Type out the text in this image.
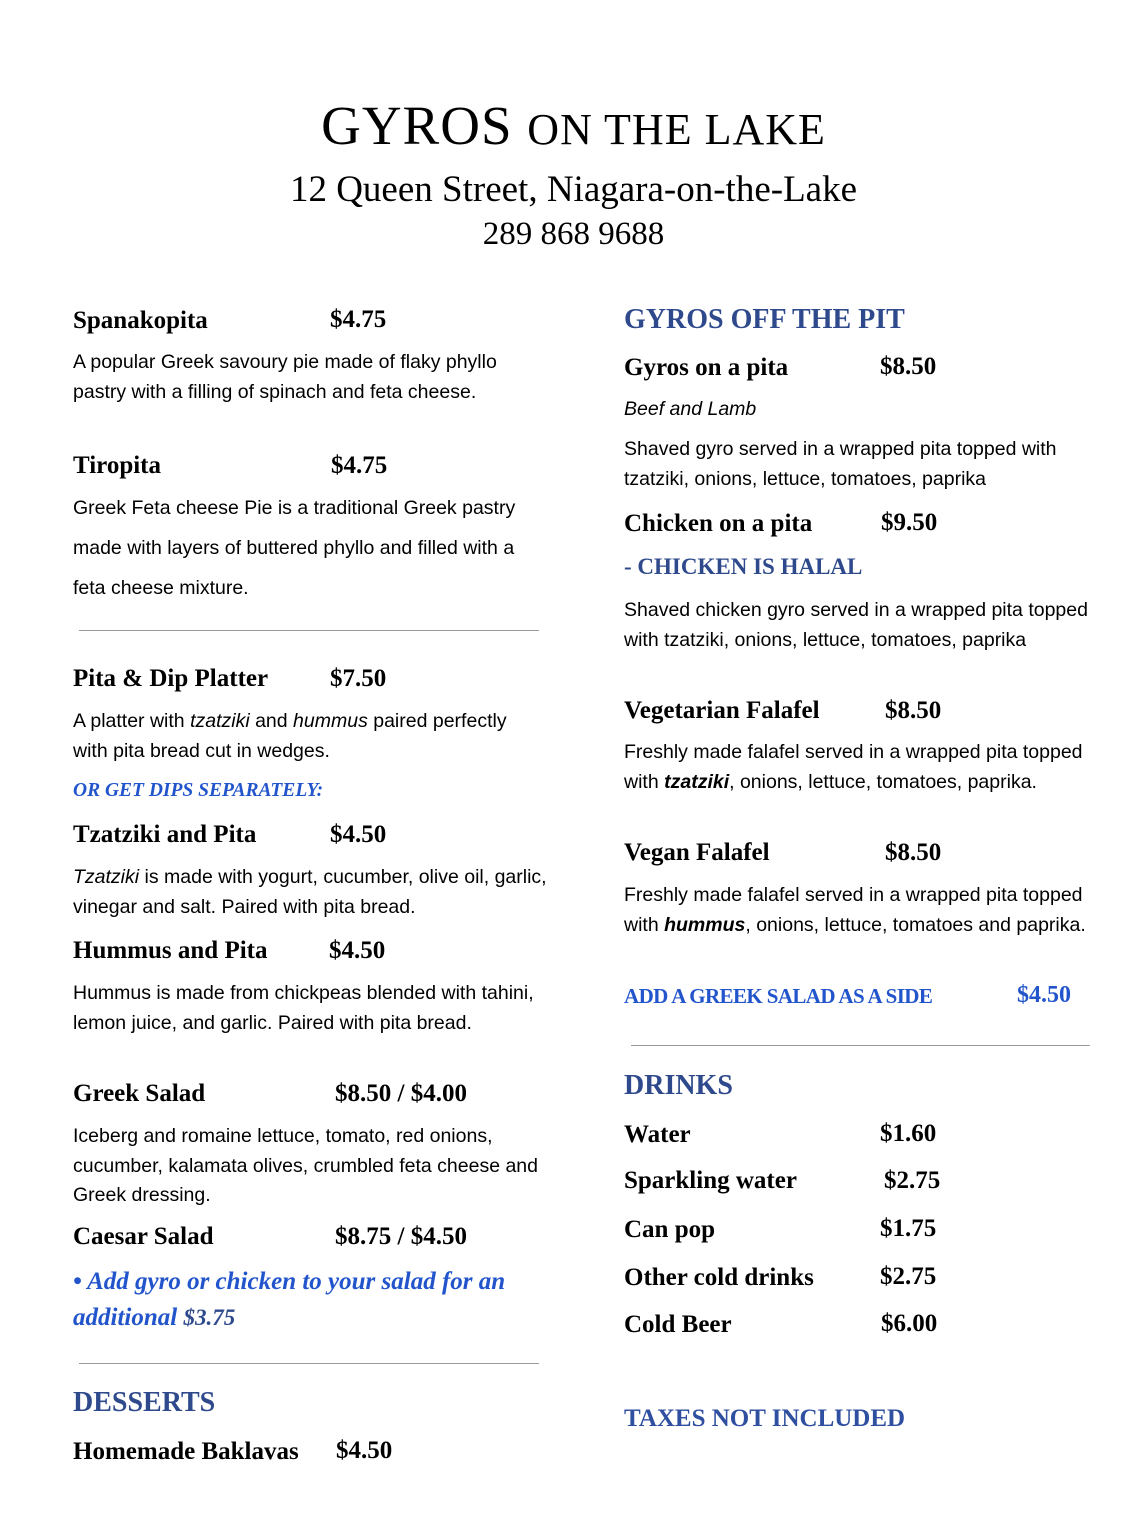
GYROS ON THE LAKE
12 Queen Street, Niagara-on-the-Lake
289 868 9688
Spanakopita	$4.75
A popular Greek savoury pie made of flaky phyllo pastry with a filling of spinach and feta cheese.
Tiropita	$4.75
Greek Feta cheese Pie is a traditional Greek pastry made with layers of buttered phyllo and filled with a feta cheese mixture.
Pita & Dip Platter $7.50
A platter with tzatziki and hummus paired perfectly with pita bread cut in wedges.
OR GET DIPS SEPARATELY:
Tzatziki and Pita	$4.50
Tzatziki is made with yogurt, cucumber, olive oil, garlic, vinegar and salt. Paired with pita bread.
Hummus and Pita $4.50
Hummus is made from chickpeas blended with tahini, lemon juice, and garlic. Paired with pita bread.
Greek Salad	$8.50 / $4.00
Iceberg and romaine lettuce, tomato, red onions, cucumber, kalamata olives, crumbled feta cheese and Greek dressing.
Caesar Salad	$8.75 / $4.50
• Add gyro or chicken to your salad for an additional $3.75
DESSERTS
Homemade Baklavas $4.50
GYROS OFF THE PIT
Gyros on a pita	$8.50
Beef and Lamb
Shaved gyro served in a wrapped pita topped with tzatziki, onions, lettuce, tomatoes, paprika
Chicken on a pita	$9.50
- CHICKEN IS HALAL
Shaved chicken gyro served in a wrapped pita topped with tzatziki, onions, lettuce, tomatoes, paprika
Vegetarian Falafel	$8.50
Freshly made falafel served in a wrapped pita topped with tzatziki, onions, lettuce, tomatoes, paprika.
Vegan Falafel	$8.50
Freshly made falafel served in a wrapped pita topped with hummus, onions, lettuce, tomatoes and paprika.
ADD A GREEK SALAD AS A SIDE	$4.50
DRINKS
Water	$1.60
Sparkling water	$2.75
Can pop	$1.75
Other cold drinks	$2.75
Cold Beer	$6.00
TAXES NOT INCLUDED
